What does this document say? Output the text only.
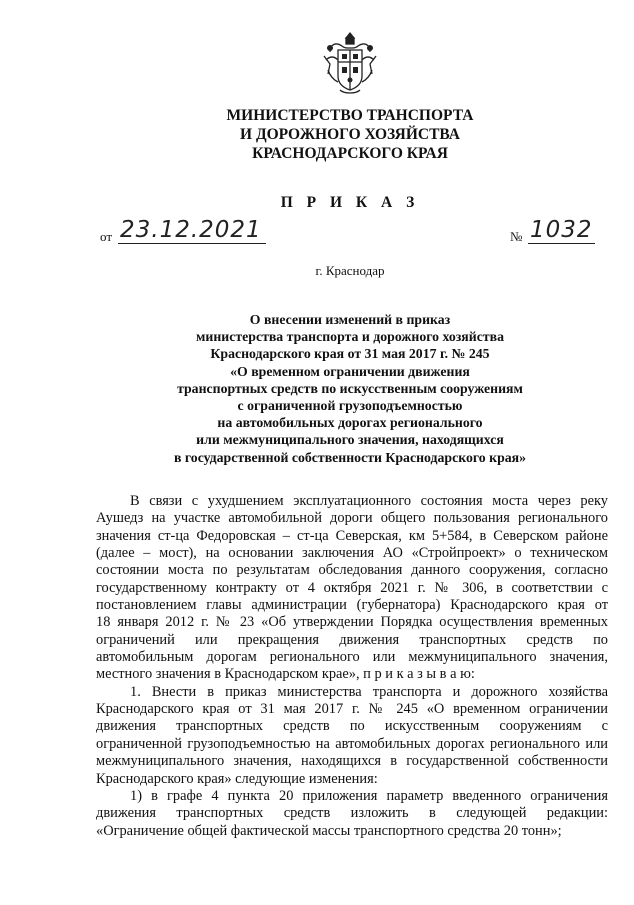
МИНИСТЕРСТВО ТРАНСПОРТА
И ДОРОЖНОГО ХОЗЯЙСТВА
КРАСНОДАРСКОГО КРАЯ
П Р И К А З
от 23.12.2021	№ 1032
г. Краснодар
О внесении изменений в приказ
министерства транспорта и дорожного хозяйства
Краснодарского края от 31 мая 2017 г. № 245
«О временном ограничении движения
транспортных средств по искусственным сооружениям
с ограниченной грузоподъемностью
на автомобильных дорогах регионального
или межмуниципального значения, находящихся
в государственной собственности Краснодарского края»
В связи с ухудшением эксплуатационного состояния моста через реку
Аушедз на участке автомобильной дороги общего пользования регионального
значения ст-ца Федоровская – ст-ца Северская, км 5+584, в Северском районе
(далее – мост), на основании заключения АО «Стройпроект» о техническом
состоянии моста по результатам обследования данного сооружения, согласно
государственному контракту от 4 октября 2021 г. № 306, в соответствии с
постановлением главы администрации (губернатора) Краснодарского края от
18 января 2012 г. № 23 «Об утверждении Порядка осуществления временных
ограничений или прекращения движения транспортных средств по
автомобильным дорогам регионального или межмуниципального значения,
местного значения в Краснодарском крае», п р и к а з ы в а ю:
1. Внести в приказ министерства транспорта и дорожного хозяйства
Краснодарского края от 31 мая 2017 г. № 245 «О временном ограничении
движения транспортных средств по искусственным сооружениям с
ограниченной грузоподъемностью на автомобильных дорогах регионального или
межмуниципального значения, находящихся в государственной собственности
Краснодарского края» следующие изменения:
1) в графе 4 пункта 20 приложения параметр введенного ограничения
движения транспортных средств изложить в следующей редакции:
«Ограничение общей фактической массы транспортного средства 20 тонн»;
